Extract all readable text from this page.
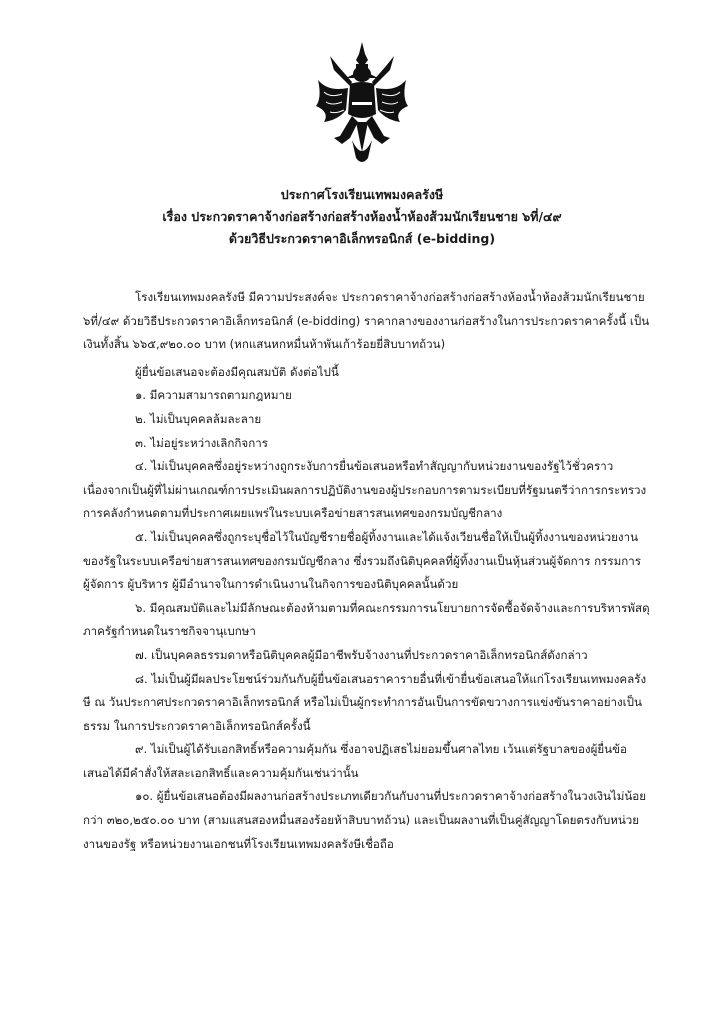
ประกาศโรงเรียนเทพมงคลรังษี
เรื่อง ประกวดราคาจ้างก่อสร้างก่อสร้างห้องน้ำห้องส้วมนักเรียนชาย ๖ที่/๔๙
ด้วยวิธีประกวดราคาอิเล็กทรอนิกส์ (e-bidding)

โรงเรียนเทพมงคลรังษี มีความประสงค์จะ ประกวดราคาจ้างก่อสร้างก่อสร้างห้องน้ำห้องส้วมนักเรียนชาย ๖ที่/๔๙ ด้วยวิธีประกวดราคาอิเล็กทรอนิกส์ (e-bidding) ราคากลางของงานก่อสร้างในการประกวดราคาครั้งนี้ เป็นเงินทั้งสิ้น ๖๖๕,๙๒๐.๐๐ บาท (หกแสนหกหมื่นห้าพันเก้าร้อยยี่สิบบาทถ้วน)

ผู้ยื่นข้อเสนอจะต้องมีคุณสมบัติ ดังต่อไปนี้

๑. มีความสามารถตามกฎหมาย

๒. ไม่เป็นบุคคลล้มละลาย

๓. ไม่อยู่ระหว่างเลิกกิจการ

๔. ไม่เป็นบุคคลซึ่งอยู่ระหว่างถูกระงับการยื่นข้อเสนอหรือทำสัญญากับหน่วยงานของรัฐไว้ชั่วคราว เนื่องจากเป็นผู้ที่ไม่ผ่านเกณฑ์การประเมินผลการปฏิบัติงานของผู้ประกอบการตามระเบียบที่รัฐมนตรีว่าการกระทรวงการคลังกำหนดตามที่ประกาศเผยแพร่ในระบบเครือข่ายสารสนเทศของกรมบัญชีกลาง

๕. ไม่เป็นบุคคลซึ่งถูกระบุชื่อไว้ในบัญชีรายชื่อผู้ทิ้งงานและได้แจ้งเวียนชื่อให้เป็นผู้ทิ้งงานของหน่วยงานของรัฐในระบบเครือข่ายสารสนเทศของกรมบัญชีกลาง ซึ่งรวมถึงนิติบุคคลที่ผู้ทิ้งงานเป็นหุ้นส่วนผู้จัดการ กรรมการ ผู้จัดการ ผู้บริหาร ผู้มีอำนาจในการดำเนินงานในกิจการของนิติบุคคลนั้นด้วย

๖. มีคุณสมบัติและไม่มีลักษณะต้องห้ามตามที่คณะกรรมการนโยบายการจัดซื้อจัดจ้างและการบริหารพัสดุภาครัฐกำหนดในราชกิจจานุเบกษา

๗. เป็นบุคคลธรรมดาหรือนิติบุคคลผู้มีอาชีพรับจ้างงานที่ประกวดราคาอิเล็กทรอนิกส์ดังกล่าว

๘. ไม่เป็นผู้มีผลประโยชน์ร่วมกันกับผู้ยื่นข้อเสนอราคารายอื่นที่เข้ายื่นข้อเสนอให้แก่โรงเรียนเทพมงคลรังษี ณ วันประกาศประกวดราคาอิเล็กทรอนิกส์ หรือไม่เป็นผู้กระทำการอันเป็นการขัดขวางการแข่งขันราคาอย่างเป็นธรรม ในการประกวดราคาอิเล็กทรอนิกส์ครั้งนี้

๙. ไม่เป็นผู้ได้รับเอกสิทธิ์หรือความคุ้มกัน ซึ่งอาจปฏิเสธไม่ยอมขึ้นศาลไทย เว้นแต่รัฐบาลของผู้ยื่นข้อเสนอได้มีคำสั่งให้สละเอกสิทธิ์และความคุ้มกันเช่นว่านั้น

๑๐. ผู้ยื่นข้อเสนอต้องมีผลงานก่อสร้างประเภทเดียวกันกับงานที่ประกวดราคาจ้างก่อสร้างในวงเงินไม่น้อยกว่า ๓๒๐,๒๕๐.๐๐ บาท (สามแสนสองหมื่นสองร้อยห้าสิบบาทถ้วน) และเป็นผลงานที่เป็นคู่สัญญาโดยตรงกับหน่วยงานของรัฐ หรือหน่วยงานเอกชนที่โรงเรียนเทพมงคลรังษีเชื่อถือ
